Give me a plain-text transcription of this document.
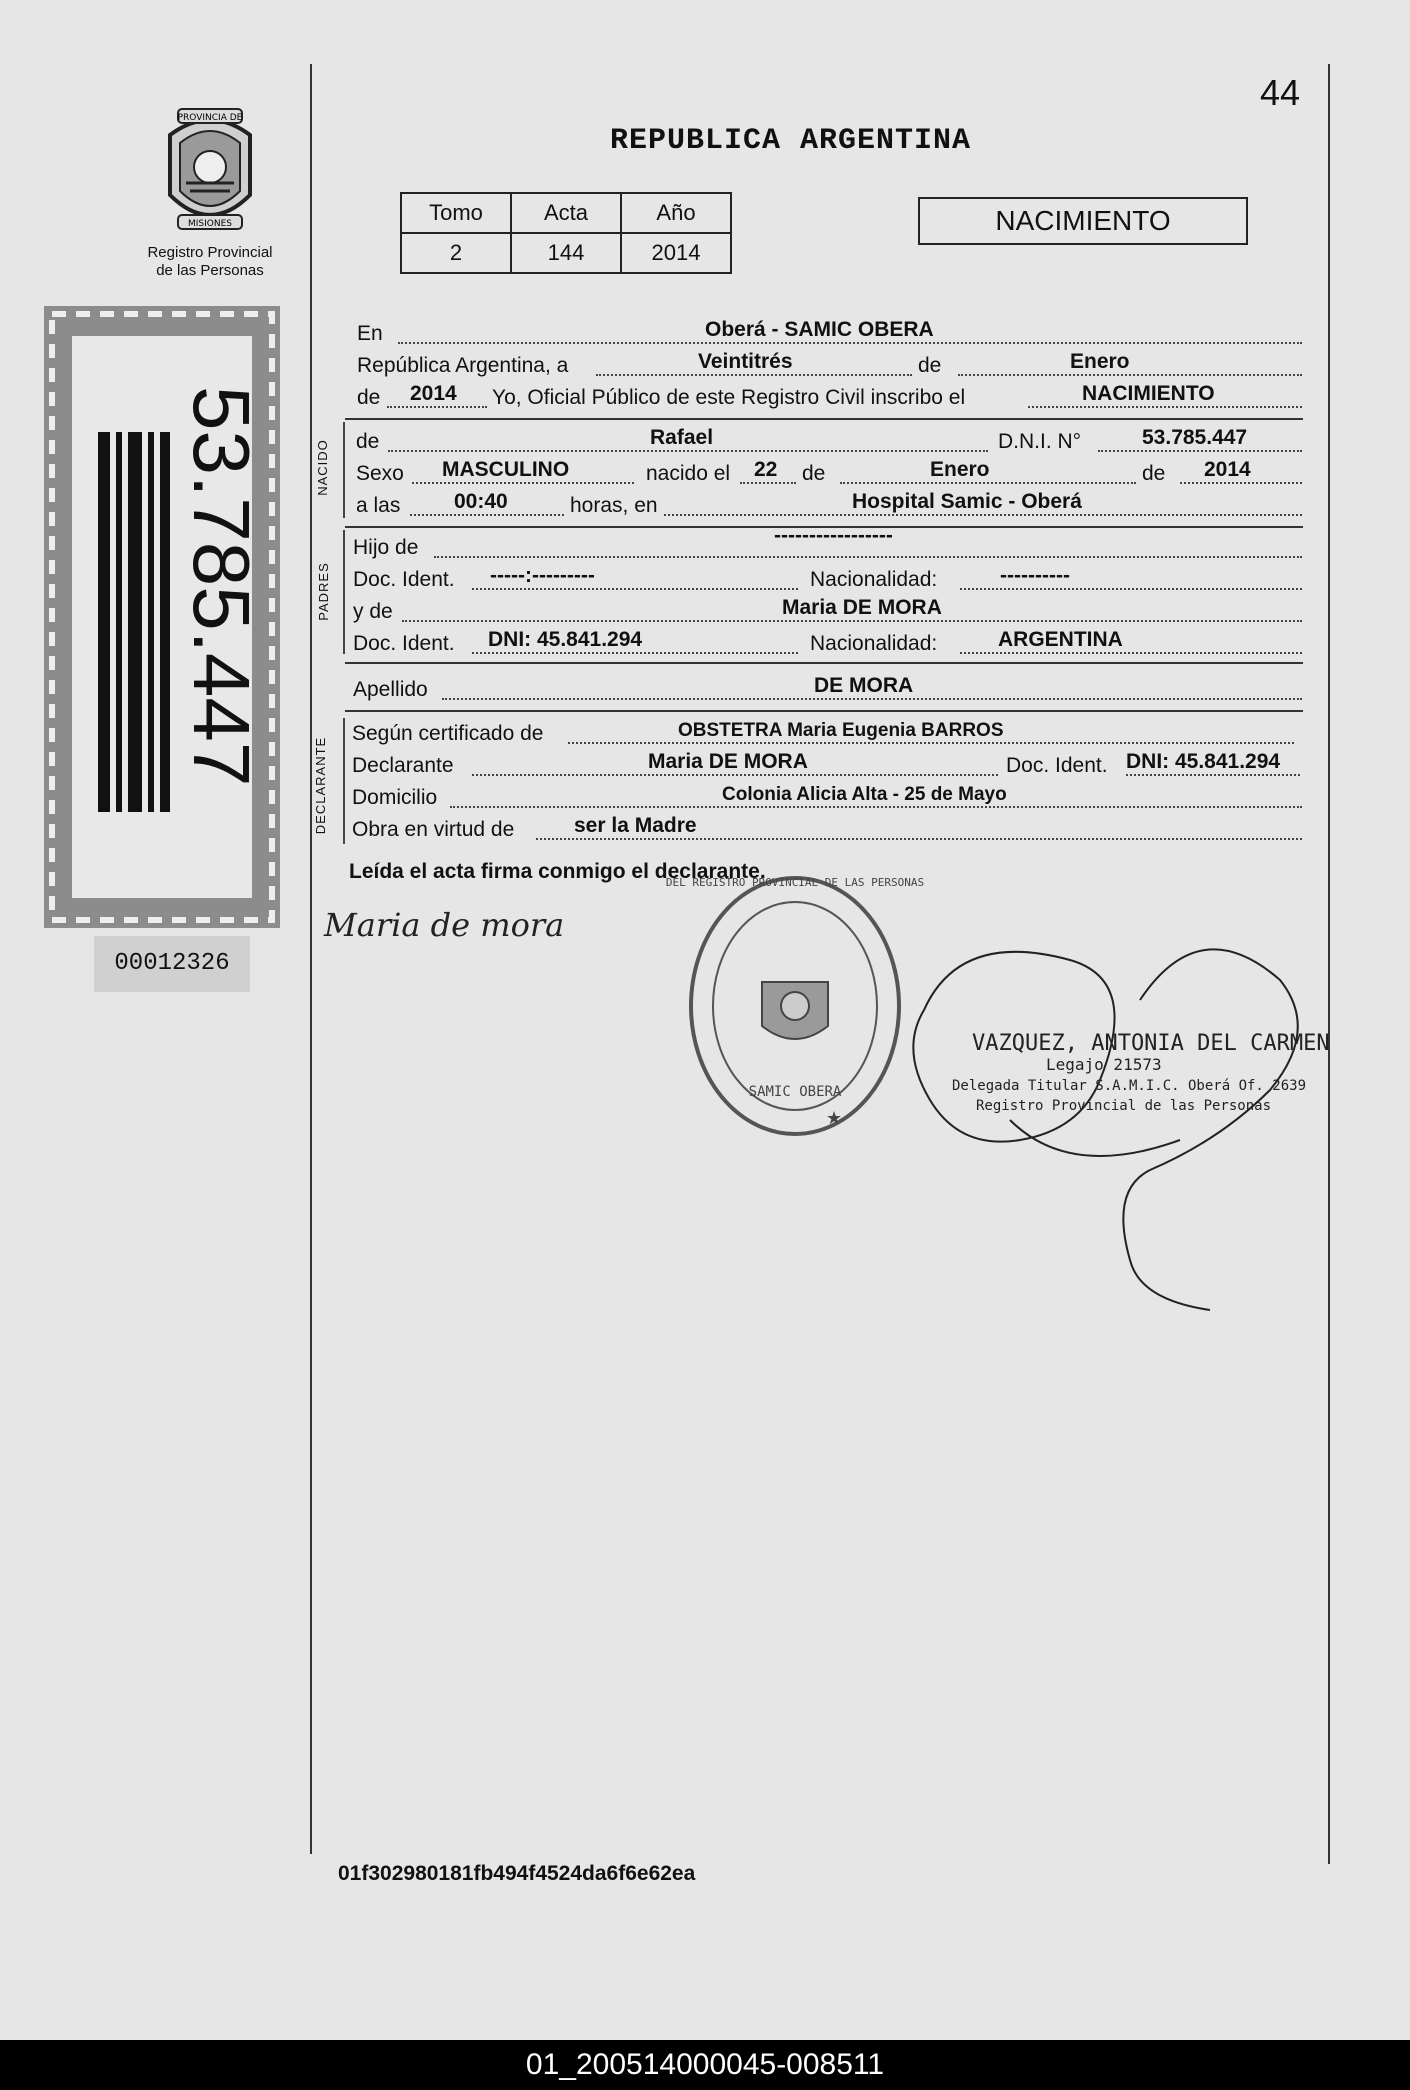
44
REPUBLICA ARGENTINA
Tomo	Acta	Año
2	144	2014
NACIMIENTO
PROVINCIA DE
MISIONES
Registro Provincial
de las Personas
53.785.447
00012326
En	Oberá - SAMIC OBERA
República Argentina, a	Veintitrés	de	Enero
de 2014 Yo, Oficial Público de este Registro Civil inscribo el	NACIMIENTO
NACIDO de	Rafael	D.N.I. N°	53.785.447
Sexo MASCULINO	nacido el 22 de	Enero	de 2014
a las	00:40	horas, en	Hospital Samic - Oberá
PADRES
Hijo de
-----------------
Doc. Ident. -----:---------	Nacionalidad:	----------
y de	Maria DE MORA
Doc. Ident. DNI: 45.841.294	Nacionalidad:	ARGENTINA
Apellido	DE MORA
DECLARANTE
Según certificado de	OBSTETRA Maria Eugenia BARROS
Declarante	Maria DE MORA	Doc. Ident. DNI: 45.841.294
Domicilio	Colonia Alicia Alta - 25 de Mayo
Obra en virtud de	ser la Madre
Leída el acta firma conmigo el declarante.
Maria de mora
DEL REGISTRO PROVINCIAL DE LAS PERSONAS
SAMIC OBERA
★
VAZQUEZ, ANTONIA DEL CARMEN
Legajo 21573
Delegada Titular S.A.M.I.C. Oberá Of. 2639
Registro Provincial de las Personas
01f302980181fb494f4524da6f6e62ea
01_200514000045-008511
